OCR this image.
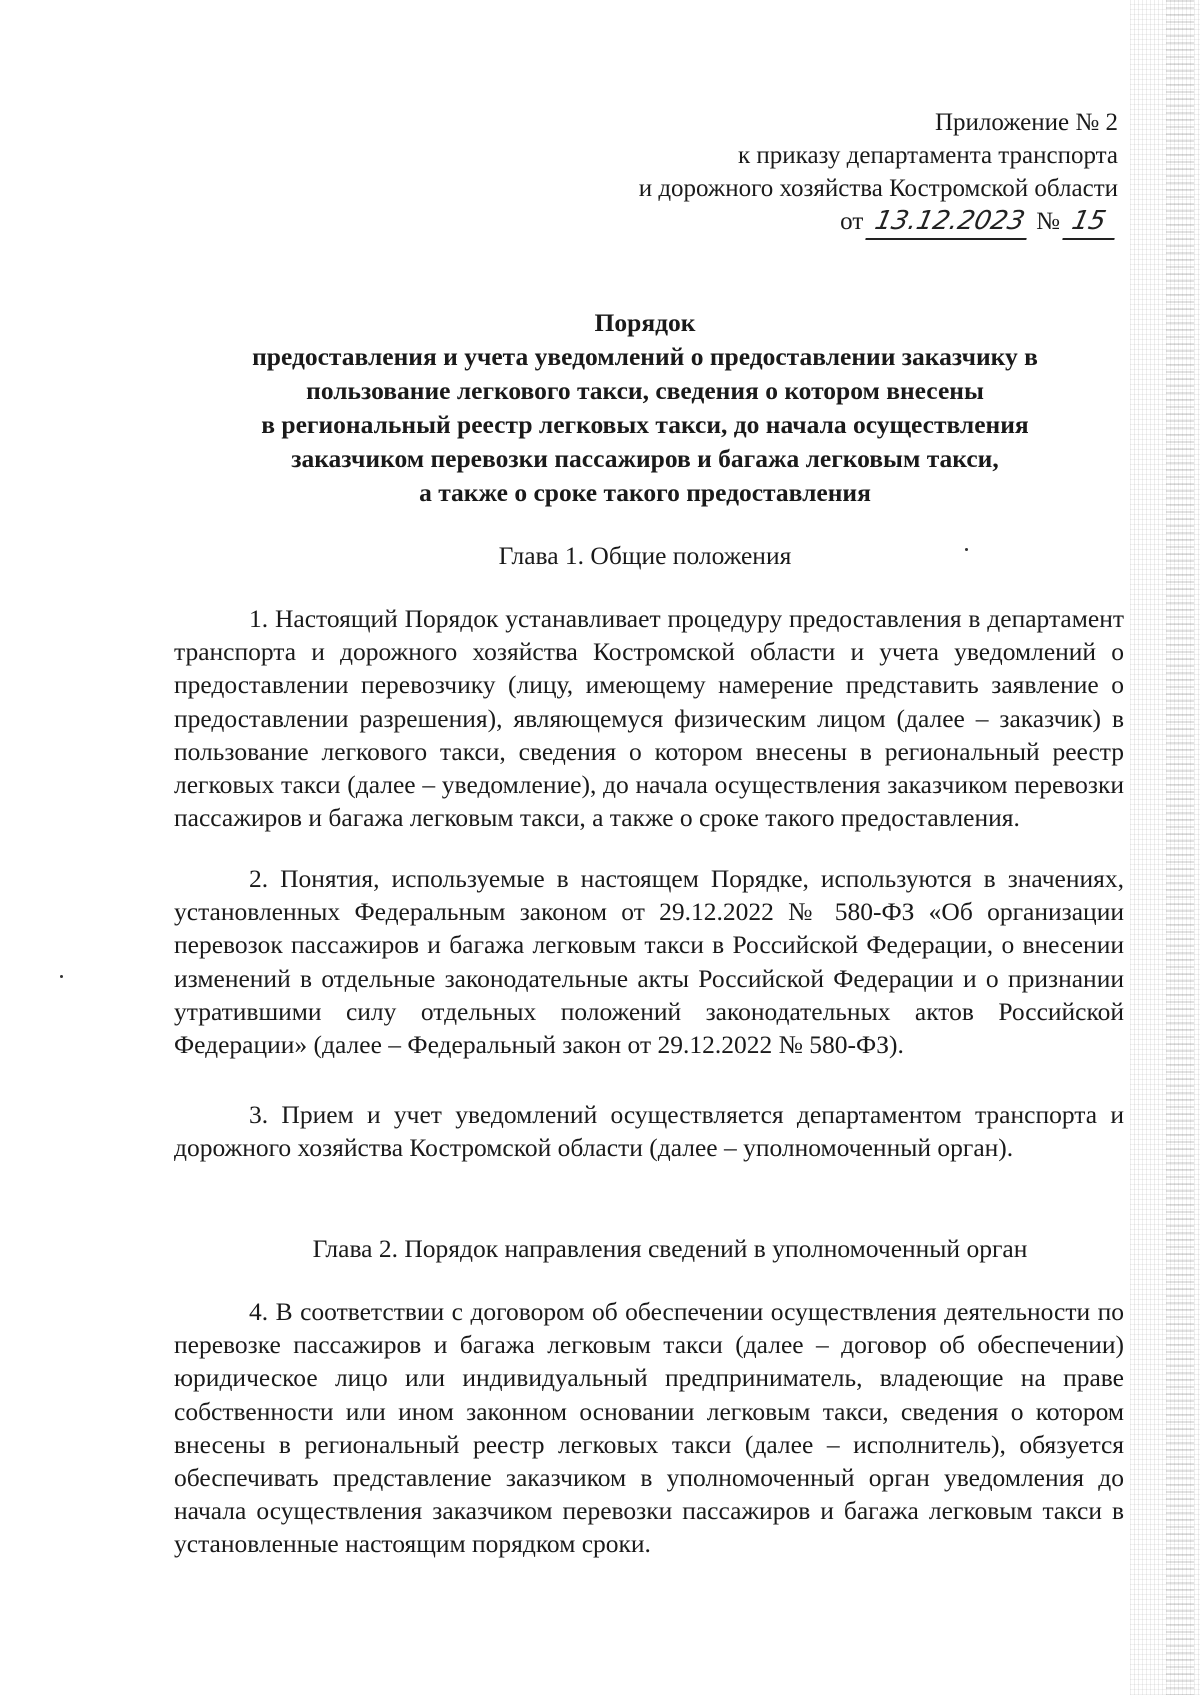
Приложение № 2
к приказу департамента транспорта
и дорожного хозяйства Костромской области
от 13.12.2023 № 15
Порядок
предоставления и учета уведомлений о предоставлении заказчику в
пользование легкового такси, сведения о котором внесены
в региональный реестр легковых такси, до начала осуществления
заказчиком перевозки пассажиров и багажа легковым такси,
а также о сроке такого предоставления
Глава 1. Общие положения

1. Настоящий Порядок устанавливает процедуру предоставления в департамент транспорта и дорожного хозяйства Костромской области и учета уведомлений о предоставлении перевозчику (лицу, имеющему намерение представить заявление о предоставлении разрешения), являющемуся физическим лицом (далее – заказчик) в пользование легкового такси, сведения о котором внесены в региональный реестр легковых такси (далее – уведомление), до начала осуществления заказчиком перевозки пассажиров и багажа легковым такси, а также о сроке такого предоставления.

2. Понятия, используемые в настоящем Порядке, используются в значениях, установленных Федеральным законом от 29.12.2022 № 580-ФЗ «Об организации перевозок пассажиров и багажа легковым такси в Российской Федерации, о внесении изменений в отдельные законодательные акты Российской Федерации и о признании утратившими силу отдельных положений законодательных актов Российской Федерации» (далее – Федеральный закон от 29.12.2022 № 580-ФЗ).

3. Прием и учет уведомлений осуществляется департаментом транспорта и дорожного хозяйства Костромской области (далее – уполномоченный орган).

Глава 2. Порядок направления сведений в уполномоченный орган

4. В соответствии с договором об обеспечении осуществления деятельности по перевозке пассажиров и багажа легковым такси (далее – договор об обеспечении) юридическое лицо или индивидуальный предприниматель, владеющие на праве собственности или ином законном основании легковым такси, сведения о котором внесены в региональный реестр легковых такси (далее – исполнитель), обязуется обеспечивать представление заказчиком в уполномоченный орган уведомления до начала осуществления заказчиком перевозки пассажиров и багажа легковым такси в установленные настоящим порядком сроки.
